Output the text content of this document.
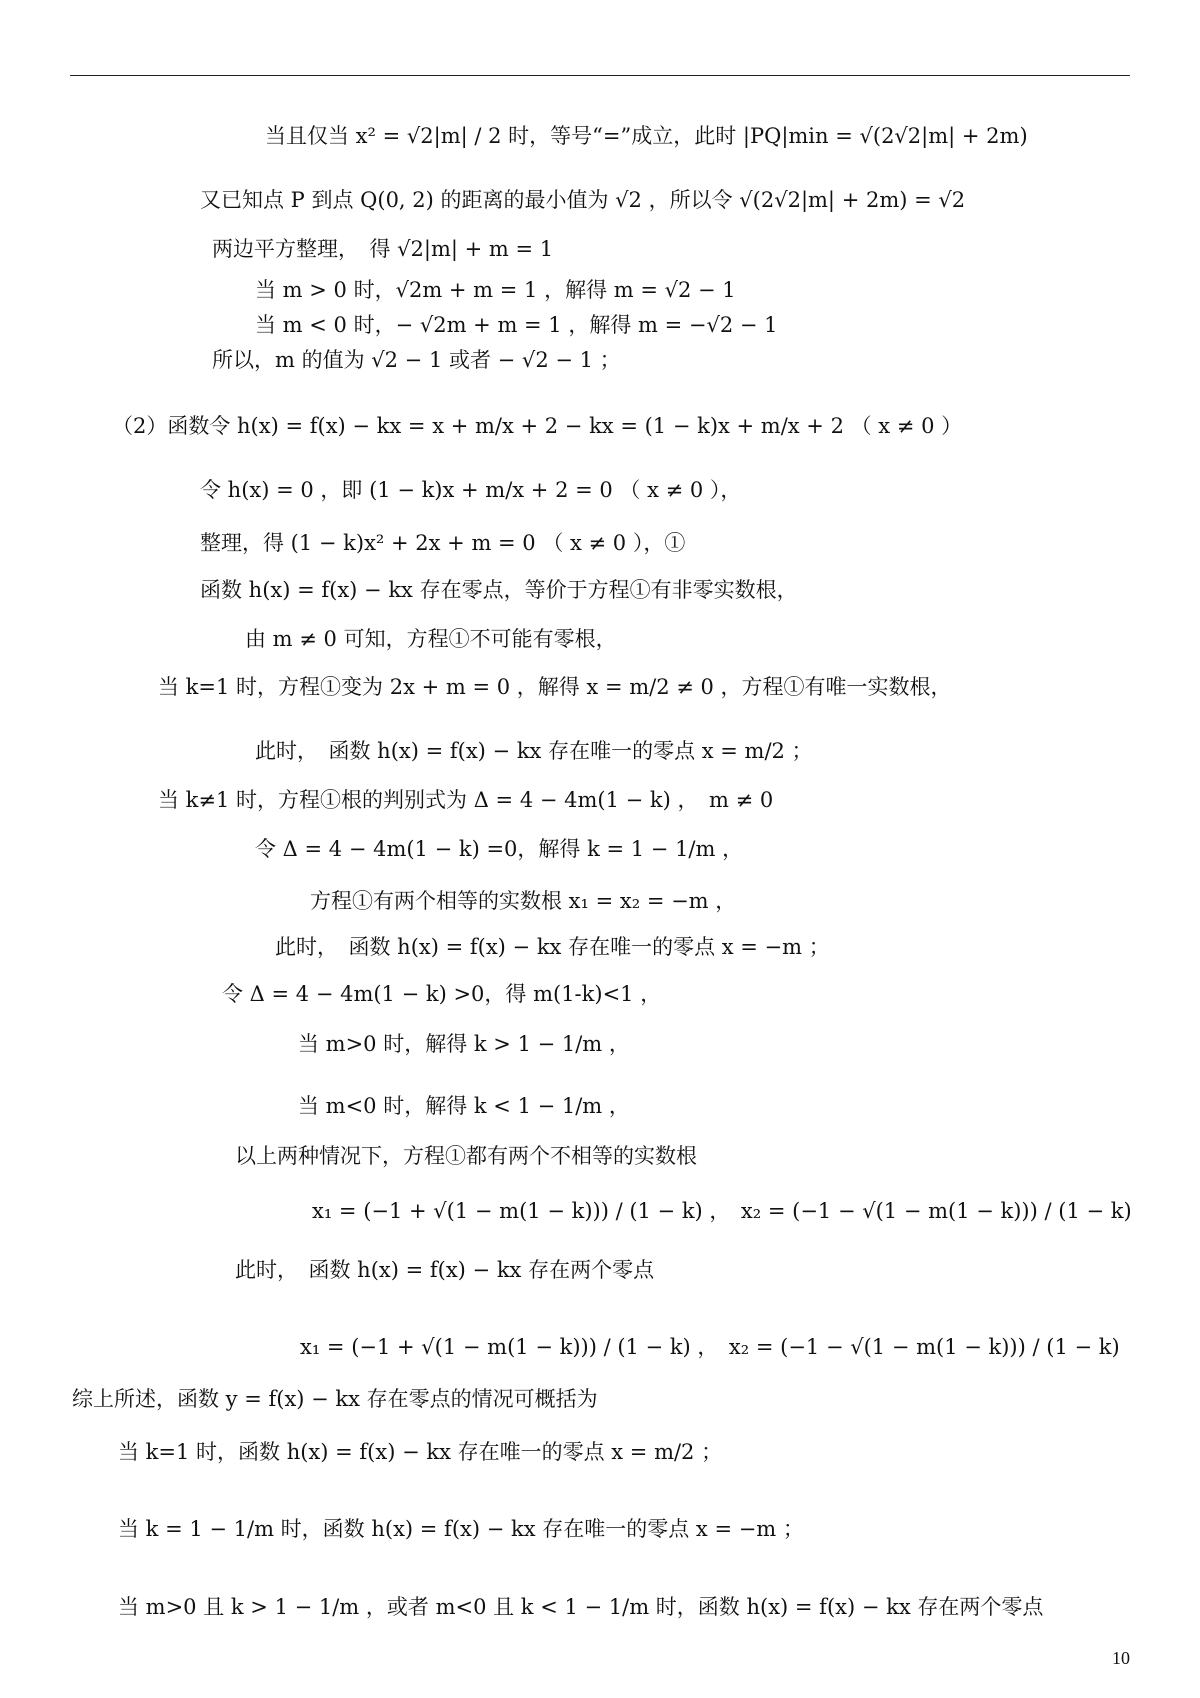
当且仅当 x² = √2|m| / 2 时，等号“=”成立，此时 |PQ|min = √(2√2|m| + 2m)
又已知点 P 到点 Q(0, 2) 的距离的最小值为 √2 ，所以令 √(2√2|m| + 2m) = √2
两边平方整理，　得 √2|m| + m = 1
当 m > 0 时，√2m + m = 1 ，解得 m = √2 − 1
当 m < 0 时，− √2m + m = 1 ，解得 m = −√2 − 1
所以，m 的值为 √2 − 1 或者 − √2 − 1 ；
（2）函数令 h(x) = f(x) − kx = x + m/x + 2 − kx = (1 − k)x + m/x + 2 （ x ≠ 0 ）
令 h(x) = 0 ，即 (1 − k)x + m/x + 2 = 0 （ x ≠ 0 ），
整理，得 (1 − k)x² + 2x + m = 0 （ x ≠ 0 ），①
函数 h(x) = f(x) − kx 存在零点，等价于方程①有非零实数根，
由 m ≠ 0 可知，方程①不可能有零根，
当 k=1 时，方程①变为 2x + m = 0 ，解得 x = m/2 ≠ 0 ，方程①有唯一实数根，
此时，　函数 h(x) = f(x) − kx 存在唯一的零点 x = m/2 ；
当 k≠1 时，方程①根的判别式为 Δ = 4 − 4m(1 − k) ，　m ≠ 0
令 Δ = 4 − 4m(1 − k) =0，解得 k = 1 − 1/m ，
方程①有两个相等的实数根 x₁ = x₂ = −m ，
此时，　函数 h(x) = f(x) − kx 存在唯一的零点 x = −m ；
令 Δ = 4 − 4m(1 − k) >0，得 m(1-k)<1 ，
当 m>0 时，解得 k > 1 − 1/m ，
当 m<0 时，解得 k < 1 − 1/m ，
以上两种情况下，方程①都有两个不相等的实数根
x₁ = (−1 + √(1 − m(1 − k))) / (1 − k) ，　x₂ = (−1 − √(1 − m(1 − k))) / (1 − k)
此时，　函数 h(x) = f(x) − kx 存在两个零点
x₁ = (−1 + √(1 − m(1 − k))) / (1 − k) ，　x₂ = (−1 − √(1 − m(1 − k))) / (1 − k)
综上所述，函数 y = f(x) − kx 存在零点的情况可概括为
当 k=1 时，函数 h(x) = f(x) − kx 存在唯一的零点 x = m/2 ；
当 k = 1 − 1/m 时，函数 h(x) = f(x) − kx 存在唯一的零点 x = −m ；
当 m>0 且 k > 1 − 1/m ，或者 m<0 且 k < 1 − 1/m 时，函数 h(x) = f(x) − kx 存在两个零点
10
